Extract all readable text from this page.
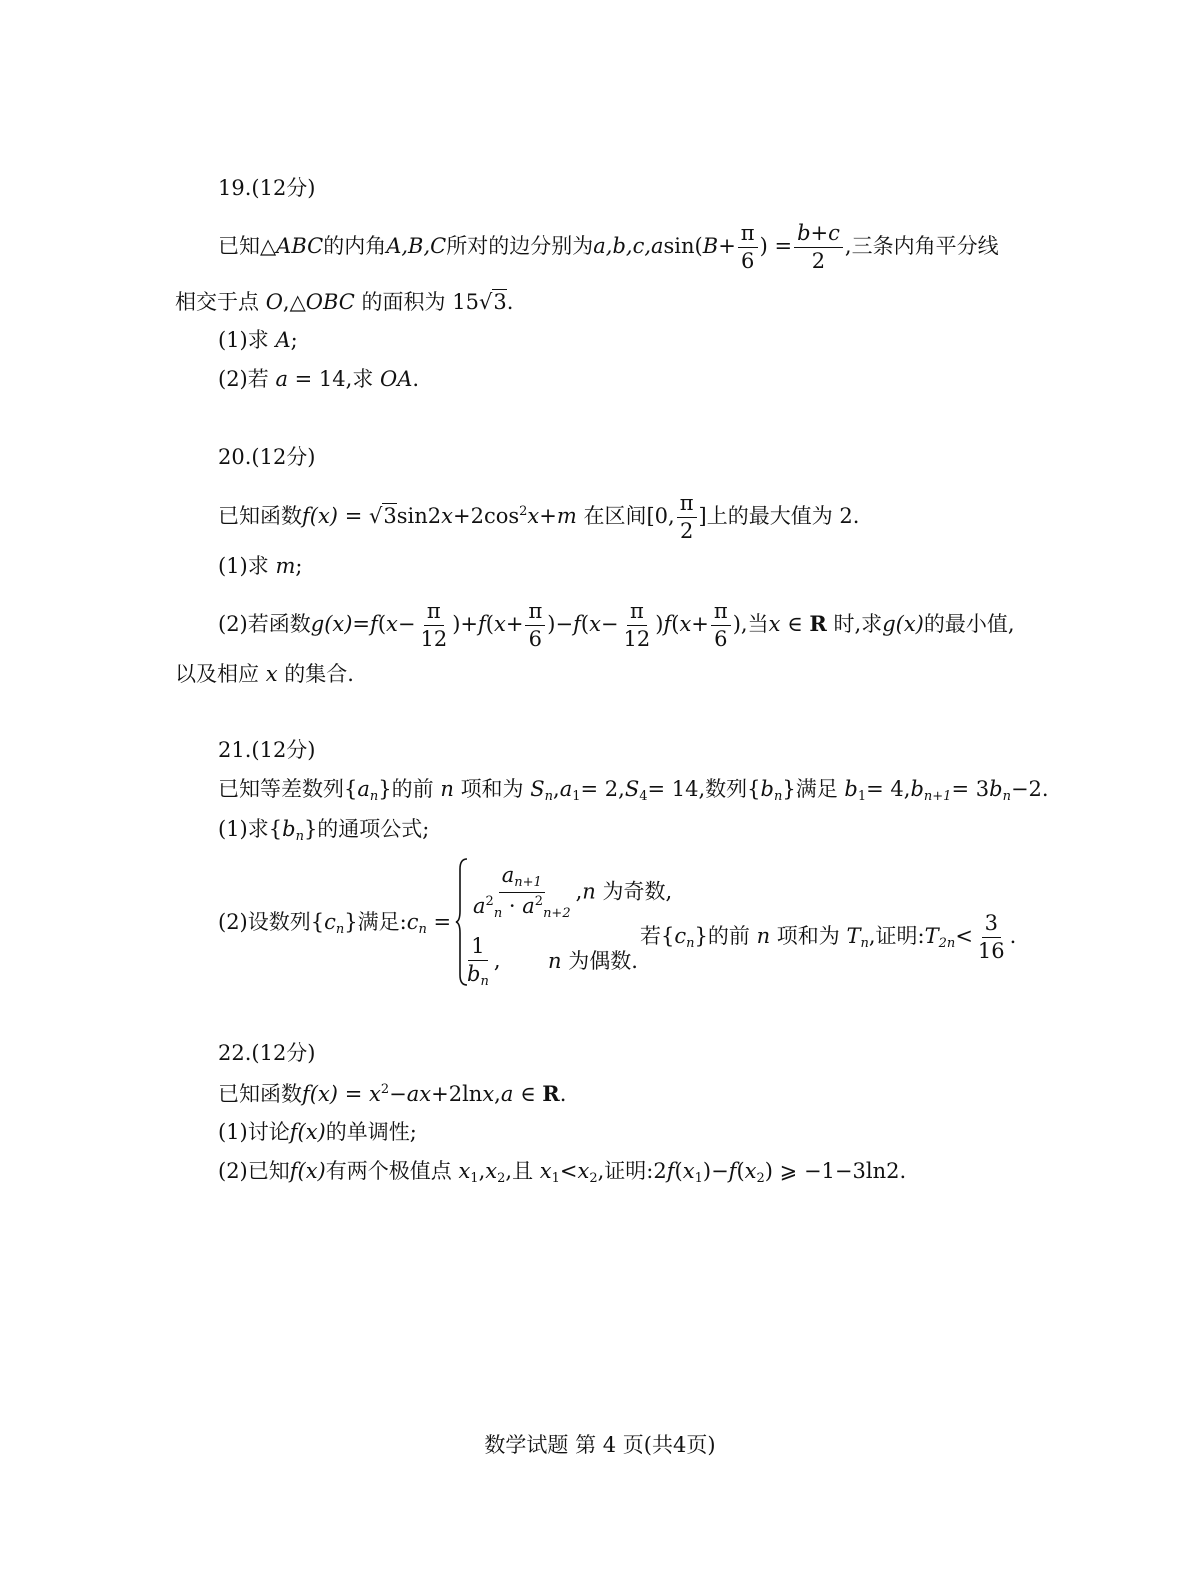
19.(12分)
已知△ABC的内角A,B,C所对的边分别为$a,b,c,asin(B+ \frac{\pi}{6}$ ) = $\frac{b+c}{2}$ ,三条内角平分线
相交于点 O,△OBC 的面积为 15√3.
(1)求 A;
(2)若 a = 14,求 OA.
20.(12分)
已知函数$f(x) = √3\sin 2x+2\cos^2x+m$ 在区间[0, $\frac{\pi}{2}$ ]上的最大值为 2.
(1)求 m;
(2)若函数$g(x)=f(x- \frac{\pi}{12} )+f(x+ \frac{\pi}{6} )-f(x- \frac{\pi}{12} )f(x+ \frac{\pi}{6}$ ),当x ∈ R 时,求g(x)的最小值,
以及相应 x 的集合.
21.(12分)
已知等差数列$\{a_n\}$的前 n 项和为 $S_n,a_1= 2,S_4= 14$,数列$\{b_n\}$满足 $b_1= 4,b_{n+1}= 3b_n-2$.
(1)求$\{b_n\}$的通项公式;
(2)设数列$\{c_n\}$满足$:c_n$ =
$\frac{a_{n+1}}{a^2_n \cdot a^2_{n+2}} ,n$ 为奇数,
$\frac{1}{b_n}$ , n 为偶数.
若$\{c_n\}$的前 n 项和为 $T_n$,证明$:T_{2n}< \frac{3}{16}$ .
22.(12分)
已知函数$f(x) = x^2-ax+2\ln x,a$ ∈ R.
(1)讨论f(x)的单调性;
(2)已知f(x)有两个极值点 $x_1,x_2$,且 $x_1<x_2$,证明$:2f(x_1)-f(x_2)$ ⩾ −1−3ln2.
数学试题 第 4 页(共4页)
